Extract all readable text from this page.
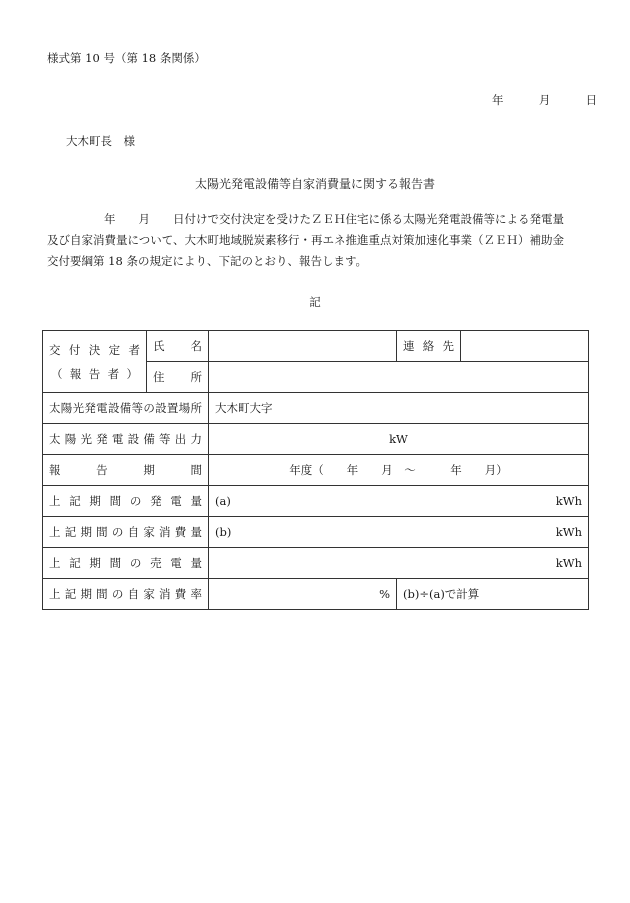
様式第 10 号（第 18 条関係）
年	月	日
大木町長　様
太陽光発電設備等自家消費量に関する報告書
年　　月　　日付けで交付決定を受けたＺＥＨ住宅に係る太陽光発電設備等による発電量
及び自家消費量について、大木町地域脱炭素移行・再エネ推進重点対策加速化事業（ＺＥＨ）補助金
交付要綱第 18 条の規定により、下記のとおり、報告します。
記
交付決定者
（報告者）	氏名		連絡先	

	住所			

太陽光発電設備等の設置場所		大木町大字		

太陽光発電設備等出力		kW		

報告期間		年度（　　年　　月　〜　　　年　　月）		

上記期間の発電量		(a) kWh		

上記期間の自家消費量		(b) kWh		

上記期間の売電量		kWh		

上記期間の自家消費率		%	(b)÷(a)で計算	
